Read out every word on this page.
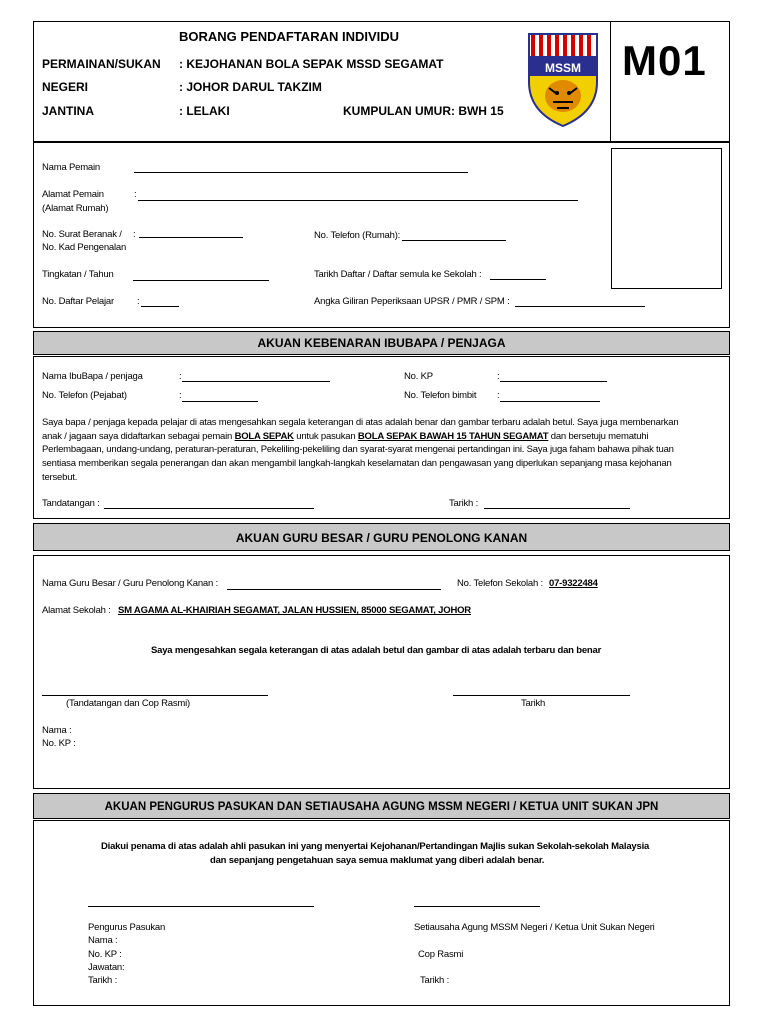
BORANG PENDAFTARAN INDIVIDU
PERMAINAN/SUKAN : KEJOHANAN BOLA SEPAK MSSD SEGAMAT
NEGERI	: JOHOR DARUL TAKZIM
JANTINA	: LELAKI	KUMPULAN UMUR: BWH 15
MSSM M01
Nama Pemain
Alamat Pemain	:
(Alamat Rumah)
No. Surat Beranak / :
No. Kad Pengenalan
No. Telefon (Rumah):
Tingkatan / Tahun	Tarikh Daftar / Daftar semula ke Sekolah :
No. Daftar Pelajar :	Angka Giliran Peperiksaan UPSR / PMR / SPM :
AKUAN KEBENARAN IBUBAPA / PENJAGA
Nama IbuBapa / penjaga	:	No. KP	:
No. Telefon (Pejabat)	:	No. Telefon bimbit :
Saya bapa / penjaga kepada pelajar di atas mengesahkan segala keterangan di atas adalah benar dan gambar terbaru adalah betul. Saya juga membenarkan
anak / jagaan saya didaftarkan sebagai pemain BOLA SEPAK untuk pasukan BOLA SEPAK BAWAH 15 TAHUN SEGAMAT dan bersetuju mematuhi
Perlembagaan, undang-undang, peraturan-peraturan, Pekeliling-pekeliling dan syarat-syarat mengenai pertandingan ini. Saya juga faham bahawa pihak tuan
sentiasa memberikan segala penerangan dan akan mengambil langkah-langkah keselamatan dan pengawasan yang diperlukan sepanjang masa kejohanan
tersebut.
Tandatangan :	Tarikh :
AKUAN GURU BESAR / GURU PENOLONG KANAN
Nama Guru Besar / Guru Penolong Kanan :	No. Telefon Sekolah : 07-9322484
Alamat Sekolah : SM AGAMA AL-KHAIRIAH SEGAMAT, JALAN HUSSIEN, 85000 SEGAMAT, JOHOR
Saya mengesahkan segala keterangan di atas adalah betul dan gambar di atas adalah terbaru dan benar
(Tandatangan dan Cop Rasmi)	Tarikh
Nama :
No. KP :
AKUAN PENGURUS PASUKAN DAN SETIAUSAHA AGUNG MSSM NEGERI / KETUA UNIT SUKAN JPN
Diakui penama di atas adalah ahli pasukan ini yang menyertai Kejohanan/Pertandingan Majlis sukan Sekolah-sekolah Malaysia
dan sepanjang pengetahuan saya semua maklumat yang diberi adalah benar.
Pengurus Pasukan
Nama :
No. KP :
Jawatan:
Tarikh :
Setiausaha Agung MSSM Negeri / Ketua Unit Sukan Negeri
Cop Rasmi
Tarikh :
